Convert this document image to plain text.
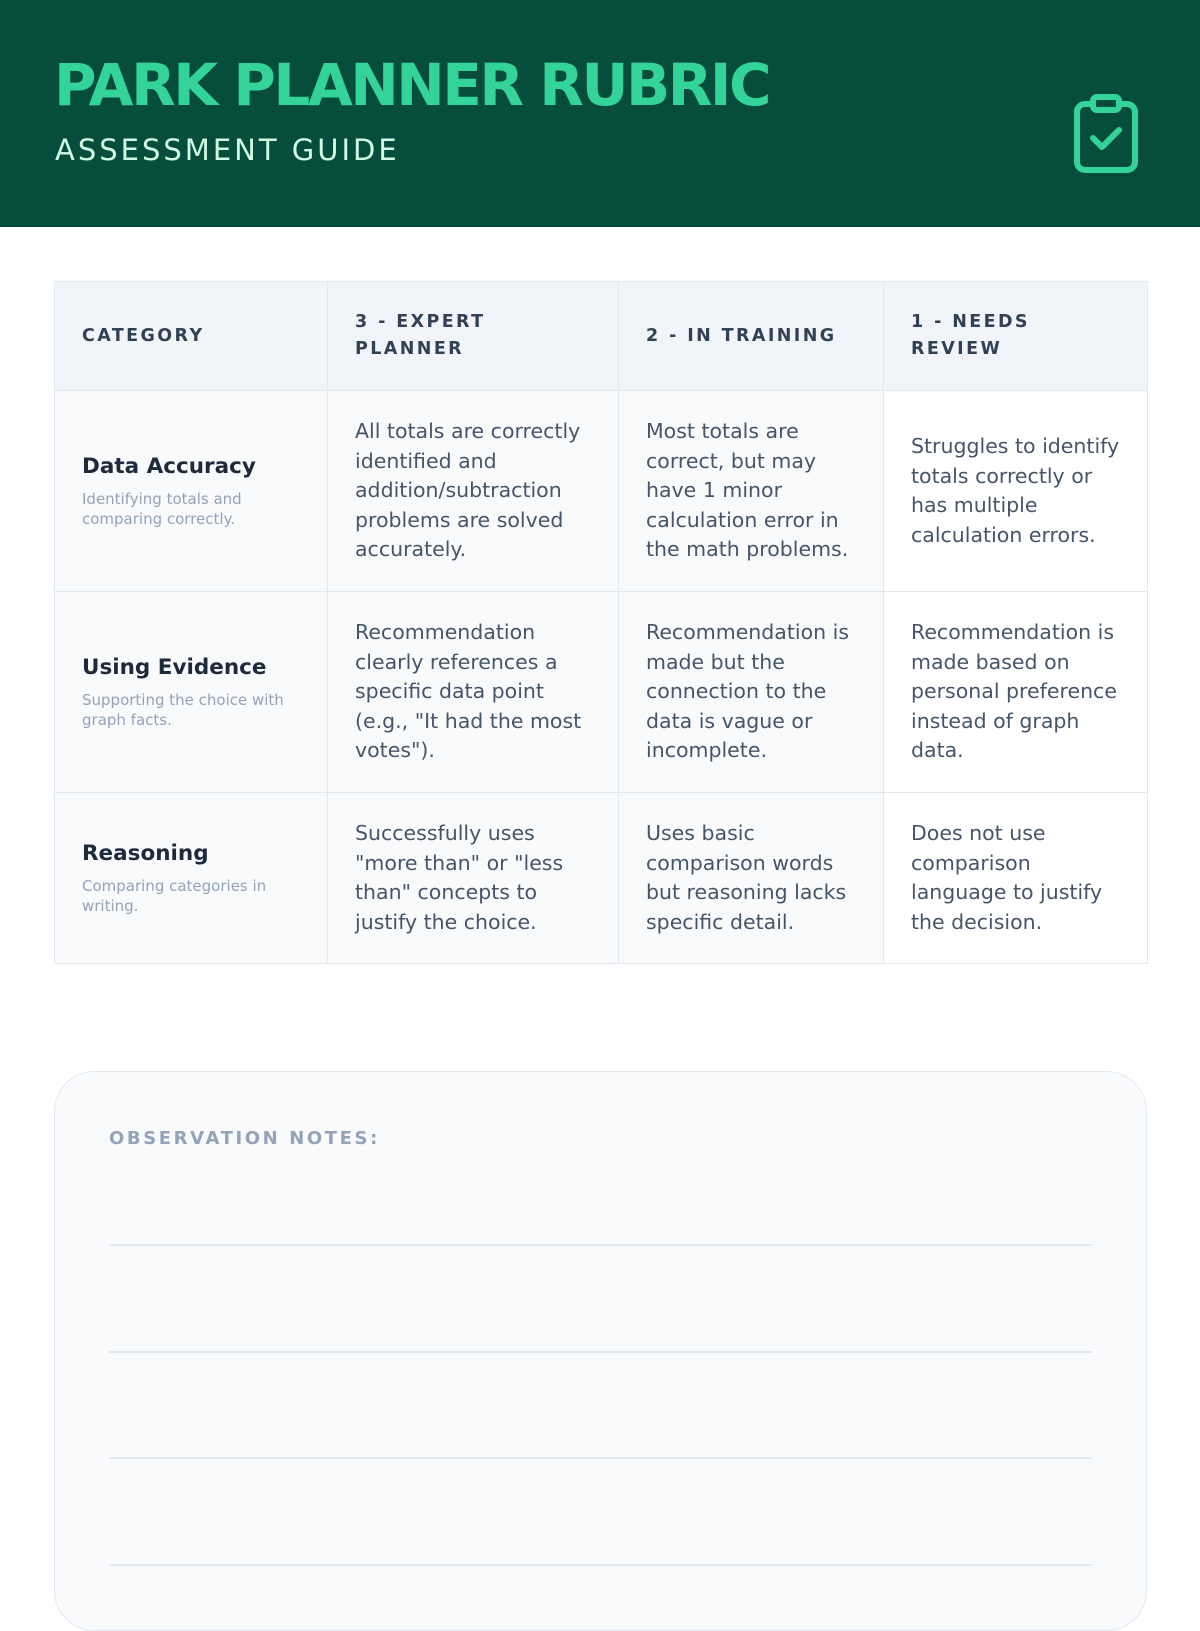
PARK PLANNER RUBRIC
ASSESSMENT GUIDE
CATEGORY	3 - EXPERT PLANNER	2 - IN TRAINING	1 - NEEDS REVIEW

Data Accuracy
Identifying totals and comparing correctly.	All totals are correctly identified and addition/subtraction problems are solved accurately.	Most totals are correct, but may have 1 minor calculation error in the math problems.	Struggles to identify totals correctly or has multiple calculation errors.

Using Evidence
Supporting the choice with graph facts.	Recommendation clearly references a specific data point (e.g., "It had the most votes").	Recommendation is made but the connection to the data is vague or incomplete.	Recommendation is made based on personal preference instead of graph data.

Reasoning
Comparing categories in writing.	Successfully uses "more than" or "less than" concepts to justify the choice.	Uses basic comparison words but reasoning lacks specific detail.	Does not use comparison language to justify the decision.
OBSERVATION NOTES:
